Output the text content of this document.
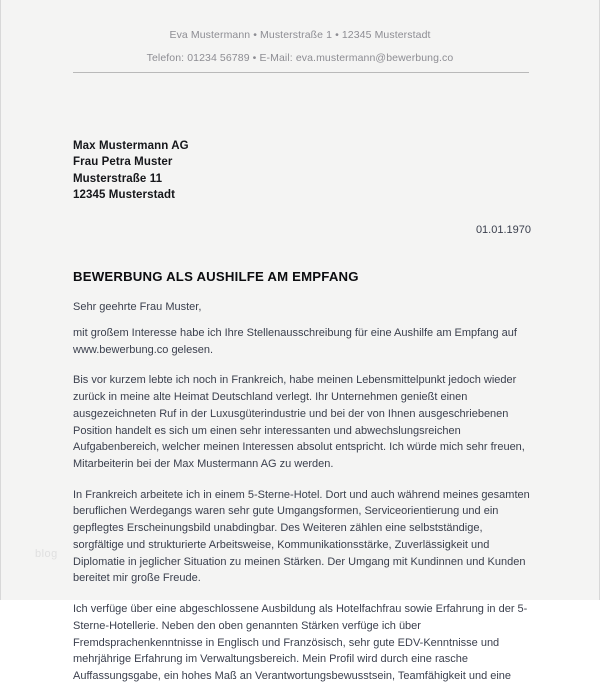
Eva Mustermann • Musterstraße 1 • 12345 Musterstadt
Telefon: 01234 56789 • E-Mail: eva.mustermann@bewerbung.co
Max Mustermann AG
Frau Petra Muster
Musterstraße 11
12345 Musterstadt
01.01.1970
BEWERBUNG ALS AUSHILFE AM EMPFANG
Sehr geehrte Frau Muster,

mit großem Interesse habe ich Ihre Stellenausschreibung für eine Aushilfe am Empfang auf www.bewerbung.co gelesen.

Bis vor kurzem lebte ich noch in Frankreich, habe meinen Lebensmittelpunkt jedoch wieder zurück in meine alte Heimat Deutschland verlegt. Ihr Unternehmen genießt einen ausgezeichneten Ruf in der Luxusgüterindustrie und bei der von Ihnen ausgeschriebenen Position handelt es sich um einen sehr interessanten und abwechslungsreichen Aufgabenbereich, welcher meinen Interessen absolut entspricht. Ich würde mich sehr freuen, Mitarbeiterin bei der Max Mustermann AG zu werden.

In Frankreich arbeitete ich in einem 5-Sterne-Hotel. Dort und auch während meines gesamten beruflichen Werdegangs waren sehr gute Umgangsformen, Serviceorientierung und ein gepflegtes Erscheinungsbild unabdingbar. Des Weiteren zählen eine selbstständige, sorgfältige und strukturierte Arbeitsweise, Kommunikationsstärke, Zuverlässigkeit und Diplomatie in jeglicher Situation zu meinen Stärken. Der Umgang mit Kundinnen und Kunden bereitet mir große Freude.

Ich verfüge über eine abgeschlossene Ausbildung als Hotelfachfrau sowie Erfahrung in der 5-Sterne-Hotellerie. Neben den oben genannten Stärken verfüge ich über Fremdsprachenkenntnisse in Englisch und Französisch, sehr gute EDV-Kenntnisse und mehrjährige Erfahrung im Verwaltungsbereich. Mein Profil wird durch eine rasche Auffassungsgabe, ein hohes Maß an Verantwortungsbewusstsein, Teamfähigkeit und eine

blog
